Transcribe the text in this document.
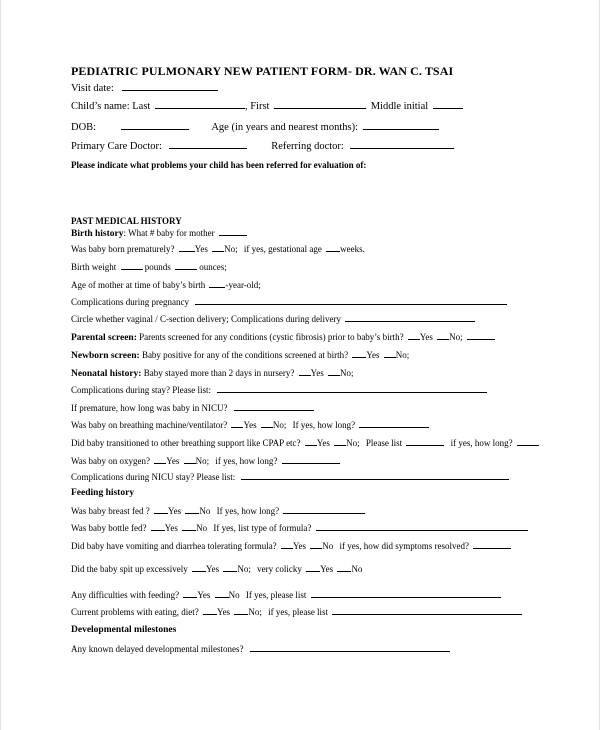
PEDIATRIC PULMONARY NEW PATIENT FORM- DR. WAN C. TSAI
Visit date:
Child’s name: Last	, First	Middle initial
DOB:	Age (in years and nearest months):
Primary Care Doctor:	Referring doctor:
Please indicate what problems your child has been referred for evaluation of:
PAST MEDICAL HISTORY
Birth history: What # baby for mother
Was baby born prematurely? Yes No; if yes, gestational age weeks.
Birth weight	pounds	ounces;
Age of mother at time of baby’s birth -year-old;
Complications during pregnancy
Circle whether vaginal / C-section delivery; Complications during delivery
Parental screen: Parents screened for any conditions (cystic fibrosis) prior to baby’s birth? Yes No;
Newborn screen: Baby positive for any of the conditions screened at birth? Yes No;
Neonatal history: Baby stayed more than 2 days in nursery? Yes No;
Complications during stay? Please list:
If premature, how long was baby in NICU?
Was baby on breathing machine/ventilator? Yes No; If yes, how long?
Did baby transitioned to other breathing support like CPAP etc? Yes No; Please list	if yes, how long?
Was baby on oxygen? Yes No; if yes, how long?
Complications during NICU stay? Please list:
Feeding history
Was baby breast fed ? Yes No If yes, how long?
Was baby bottle fed? Yes No If yes, list type of formula?
Did baby have vomiting and diarrhea tolerating formula? Yes No if yes, how did symptoms resolved?
Did the baby spit up excessively Yes No; very colicky Yes No
Any difficulties with feeding? Yes No If yes, please list
Current problems with eating, diet? Yes No; if yes, please list
Developmental milestones
Any known delayed developmental milestones?
